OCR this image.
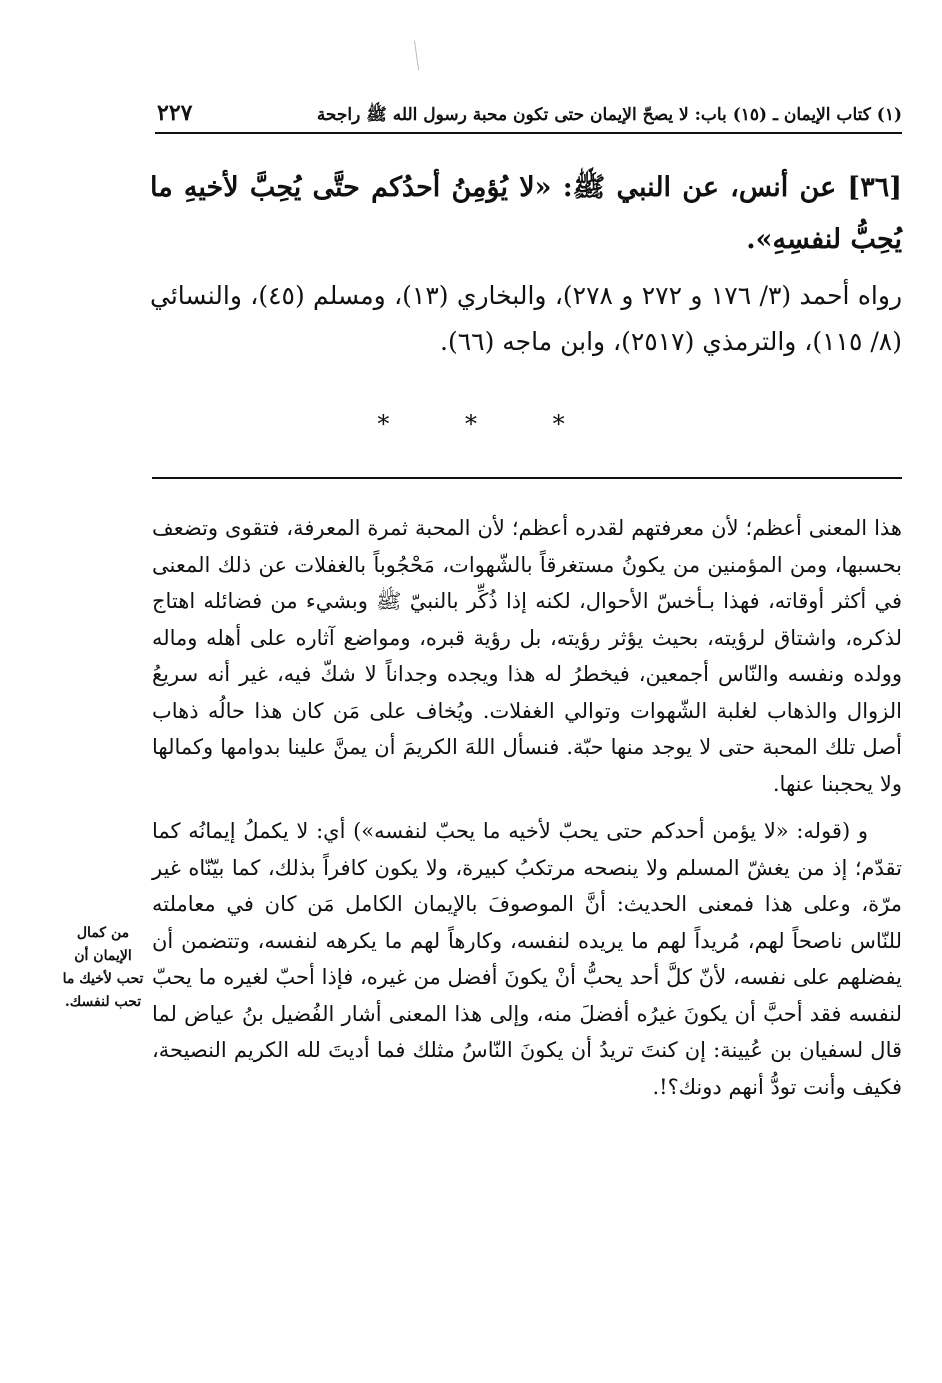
(١) كتاب الإيمان ـ (١٥) باب: لا يصحّ الإيمان حتى تكون محبة رسول الله ﷺ راجحة
٢٢٧
[٣٦] عن أنس، عن النبي ﷺ: «لا يُؤمِنُ أحدُكم حتَّى يُحِبَّ لأخيهِ ما يُحِبُّ لنفسِهِ».
رواه أحمد (٣/ ١٧٦ و ٢٧٢ و ٢٧٨)، والبخاري (١٣)، ومسلم (٤٥)، والنسائي (٨/ ١١٥)، والترمذي (٢٥١٧)، وابن ماجه (٦٦).
* * *

هذا المعنى أعظم؛ لأن معرفتهم لقدره أعظم؛ لأن المحبة ثمرة المعرفة، فتقوى وتضعف بحسبها، ومن المؤمنين من يكونُ مستغرقاً بالشّهوات، مَحْجُوباً بالغفلات عن ذلك المعنى في أكثر أوقاته، فهذا بـأخسّ الأحوال، لكنه إذا ذُكِّر بالنبيّ ﷺ وبشيء من فضائله اهتاج لذكره، واشتاق لرؤيته، بحيث يؤثر رؤيته، بل رؤية قبره، ومواضع آثاره على أهله وماله وولده ونفسه والنّاس أجمعين، فيخطرُ له هذا ويجده وجداناً لا شكّ فيه، غير أنه سريعُ الزوال والذهاب لغلبة الشّهوات وتوالي الغفلات. ويُخاف على مَن كان هذا حالُه ذهاب أصل تلك المحبة حتى لا يوجد منها حبّة. فنسأل اللهَ الكريمَ أن يمنَّ علينا بدوامها وكمالها ولا يحجبنا عنها.

و (قوله: «لا يؤمن أحدكم حتى يحبّ لأخيه ما يحبّ لنفسه») أي: لا يكملُ إيمانُه كما تقدّم؛ إذ من يغشّ المسلم ولا ينصحه مرتكبُ كبيرة، ولا يكون كافراً بذلك، كما بيّنّاه غير مرّة، وعلى هذا فمعنى الحديث: أنَّ الموصوفَ بالإيمان الكامل مَن كان في معاملته للنّاس ناصحاً لهم، مُريداً لهم ما يريده لنفسه، وكارهاً لهم ما يكرهه لنفسه، وتتضمن أن يفضلهم على نفسه، لأنّ كلَّ أحد يحبُّ أنْ يكونَ أفضل من غيره، فإذا أحبّ لغيره ما يحبّ لنفسه فقد أحبَّ أن يكونَ غيرُه أفضلَ منه، وإلى هذا المعنى أشار الفُضيل بنُ عياض لما قال لسفيان بن عُيينة: إن كنتَ تريدُ أن يكونَ النّاسُ مثلك فما أديتَ لله الكريم النصيحة، فكيف وأنت تودُّ أنهم دونك؟!.

من كمال الإيمان أن تحب لأخيك ما تحب لنفسك.
